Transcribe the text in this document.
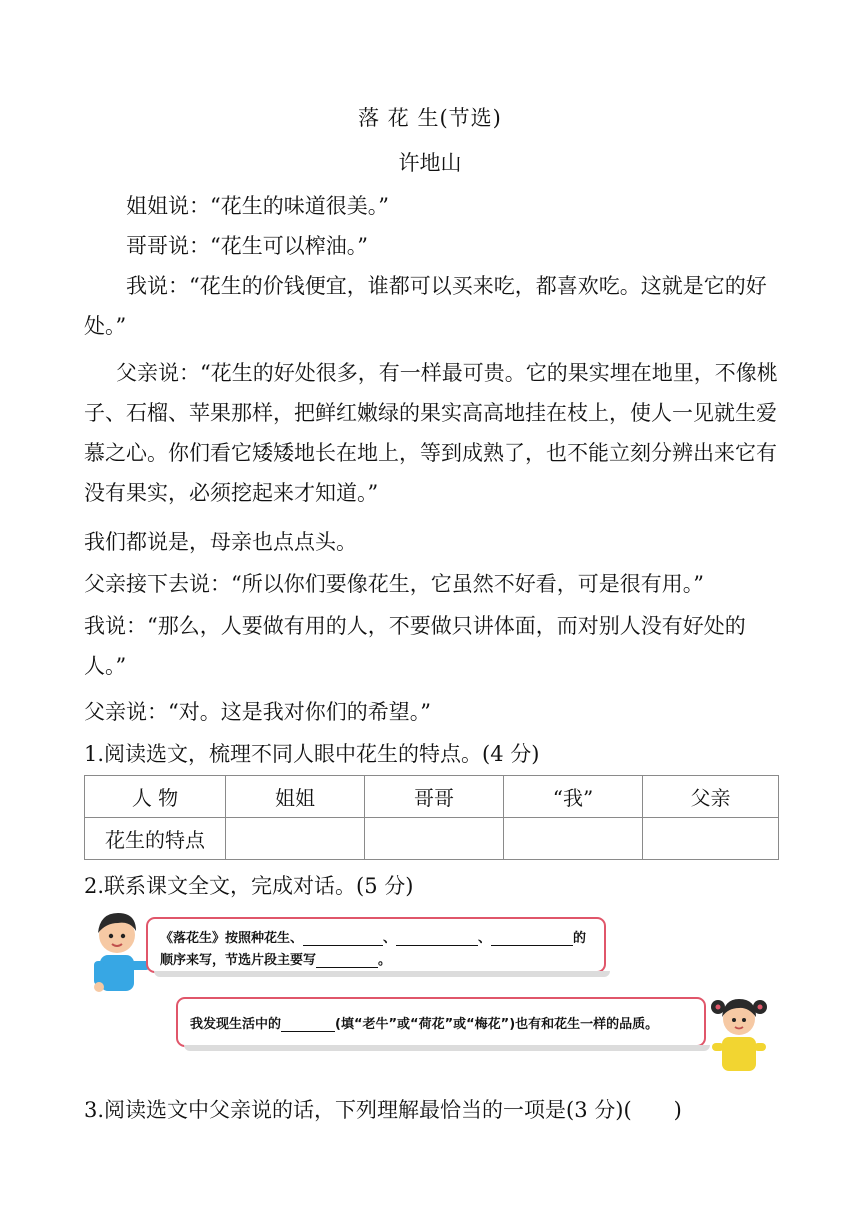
落 花 生(节选)
许地山

姐姐说：“花生的味道很美。”

哥哥说：“花生可以榨油。”

我说：“花生的价钱便宜，谁都可以买来吃，都喜欢吃。这就是它的好处。”

父亲说：“花生的好处很多，有一样最可贵。它的果实埋在地里，不像桃子、石榴、苹果那样，把鲜红嫩绿的果实高高地挂在枝上，使人一见就生爱慕之心。你们看它矮矮地长在地上，等到成熟了，也不能立刻分辨出来它有没有果实，必须挖起来才知道。”

我们都说是，母亲也点点头。

父亲接下去说：“所以你们要像花生，它虽然不好看，可是很有用。”

我说：“那么，人要做有用的人，不要做只讲体面，而对别人没有好处的人。”

父亲说：“对。这是我对你们的希望。”

1.阅读选文，梳理不同人眼中花生的特点。(4 分)

人 物	姐姐	哥哥	“我”	父亲
花生的特点				

2.联系课文全文，完成对话。(5 分)

《落花生》按照种花生、	、	、	的
顺序来写，节选片段主要写	。
我发现生活中的	(填“老牛”或“荷花”或“梅花”)也有和花生一样的品质。

3.阅读选文中父亲说的话，下列理解最恰当的一项是(3 分)(　　)
